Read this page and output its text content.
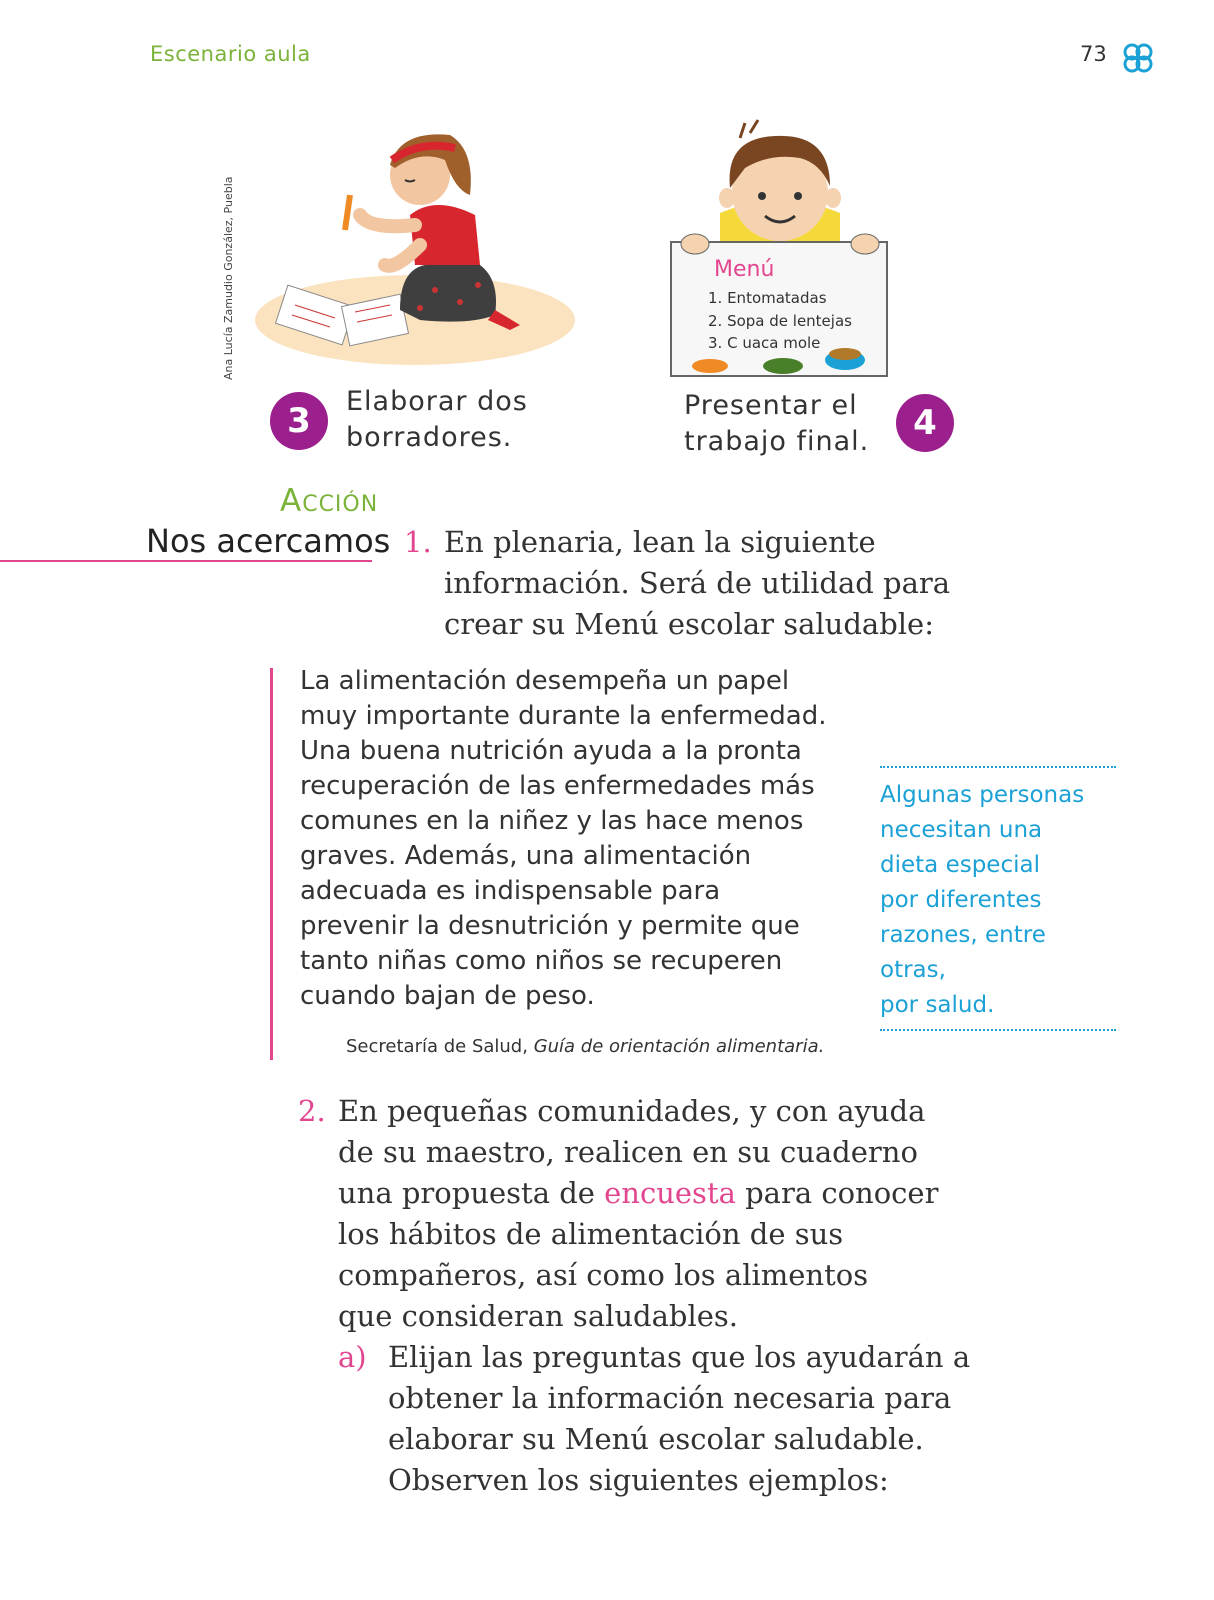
Escenario aula	73
Ana Lucía Zamudio González, Puebla	Menú
1. Entomatadas
2. Sopa de lentejas
3. C uaca mole
3	Elaborar dos
borradores.
Presentar el
trabajo final.	4
Acción
Nos acercamos 1. En plenaria, lean la siguiente
información. Será de utilidad para
crear su Menú escolar saludable:
La alimentación desempeña un papel
muy importante durante la enfermedad.
Una buena nutrición ayuda a la pronta
recuperación de las enfermedades más
comunes en la niñez y las hace menos
graves. Además, una alimentación
adecuada es indispensable para
prevenir la desnutrición y permite que
tanto niñas como niños se recuperen
cuando bajan de peso.
Secretaría de Salud, Guía de orientación alimentaria.
Algunas personas
necesitan una
dieta especial
por diferentes
razones, entre otras,
por salud.
2. En pequeñas comunidades, y con ayuda
de su maestro, realicen en su cuaderno
una propuesta de encuesta para conocer
los hábitos de alimentación de sus
compañeros, así como los alimentos
que consideran saludables.
a) Elijan las preguntas que los ayudarán a
obtener la información necesaria para
elaborar su Menú escolar saludable.
Observen los siguientes ejemplos:
